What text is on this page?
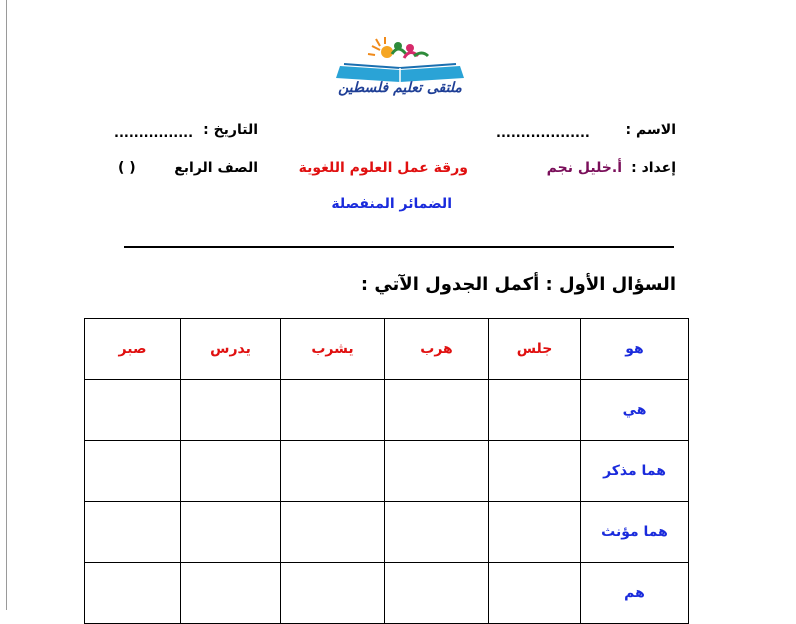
ملتقى تعليم فلسطين
الاسم :
...................
التاريخ :
................
إعداد :
أ.خليل نجم
ورقة عمل العلوم اللغوية
الصف الرابع
( )
الضمائر المنفصلة
السؤال الأول : أكمل الجدول الآتي :
هو	جلس	هرب	يشرب	يدرس	صبر
هي					
هما مذكر					
هما مؤنث					
هم					
